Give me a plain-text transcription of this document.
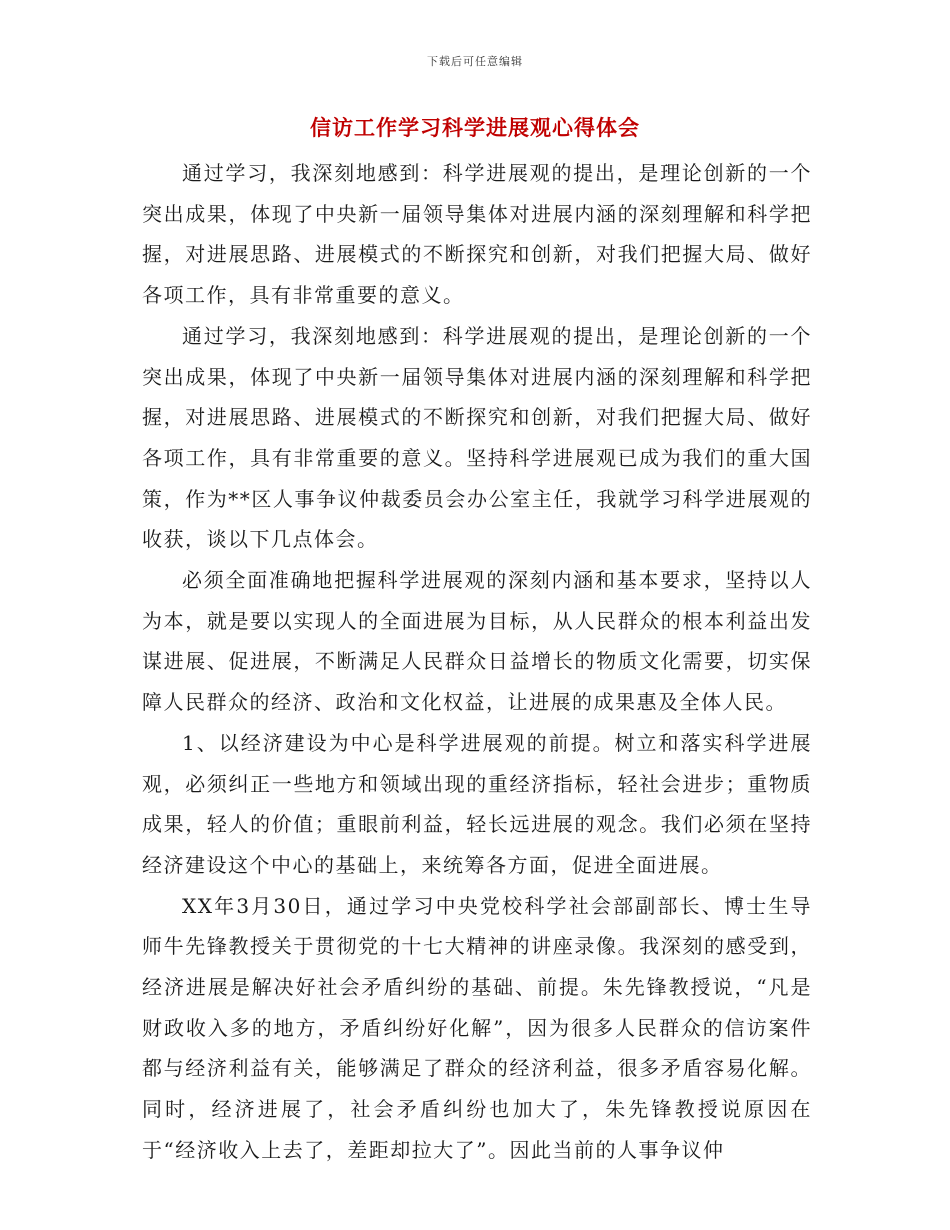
下载后可任意编辑
信访工作学习科学进展观心得体会

通过学习，我深刻地感到：科学进展观的提出，是理论创新的一个突出成果，体现了中央新一届领导集体对进展内涵的深刻理解和科学把握，对进展思路、进展模式的不断探究和创新，对我们把握大局、做好各项工作，具有非常重要的意义。

通过学习，我深刻地感到：科学进展观的提出，是理论创新的一个突出成果，体现了中央新一届领导集体对进展内涵的深刻理解和科学把握，对进展思路、进展模式的不断探究和创新，对我们把握大局、做好各项工作，具有非常重要的意义。坚持科学进展观已成为我们的重大国策，作为**区人事争议仲裁委员会办公室主任，我就学习科学进展观的收获，谈以下几点体会。

必须全面准确地把握科学进展观的深刻内涵和基本要求，坚持以人为本，就是要以实现人的全面进展为目标，从人民群众的根本利益出发谋进展、促进展，不断满足人民群众日益增长的物质文化需要，切实保障人民群众的经济、政治和文化权益，让进展的成果惠及全体人民。

1、以经济建设为中心是科学进展观的前提。树立和落实科学进展观，必须纠正一些地方和领域出现的重经济指标，轻社会进步；重物质成果，轻人的价值；重眼前利益，轻长远进展的观念。我们必须在坚持经济建设这个中心的基础上，来统筹各方面，促进全面进展。

XX年3月30日，通过学习中央党校科学社会部副部长、博士生导师牛先锋教授关于贯彻党的十七大精神的讲座录像。我深刻的感受到，经济进展是解决好社会矛盾纠纷的基础、前提。朱先锋教授说，“凡是财政收入多的地方，矛盾纠纷好化解”，因为很多人民群众的信访案件都与经济利益有关，能够满足了群众的经济利益，很多矛盾容易化解。同时，经济进展了，社会矛盾纠纷也加大了，朱先锋教授说原因在于“经济收入上去了，差距却拉大了”。因此当前的人事争议仲
